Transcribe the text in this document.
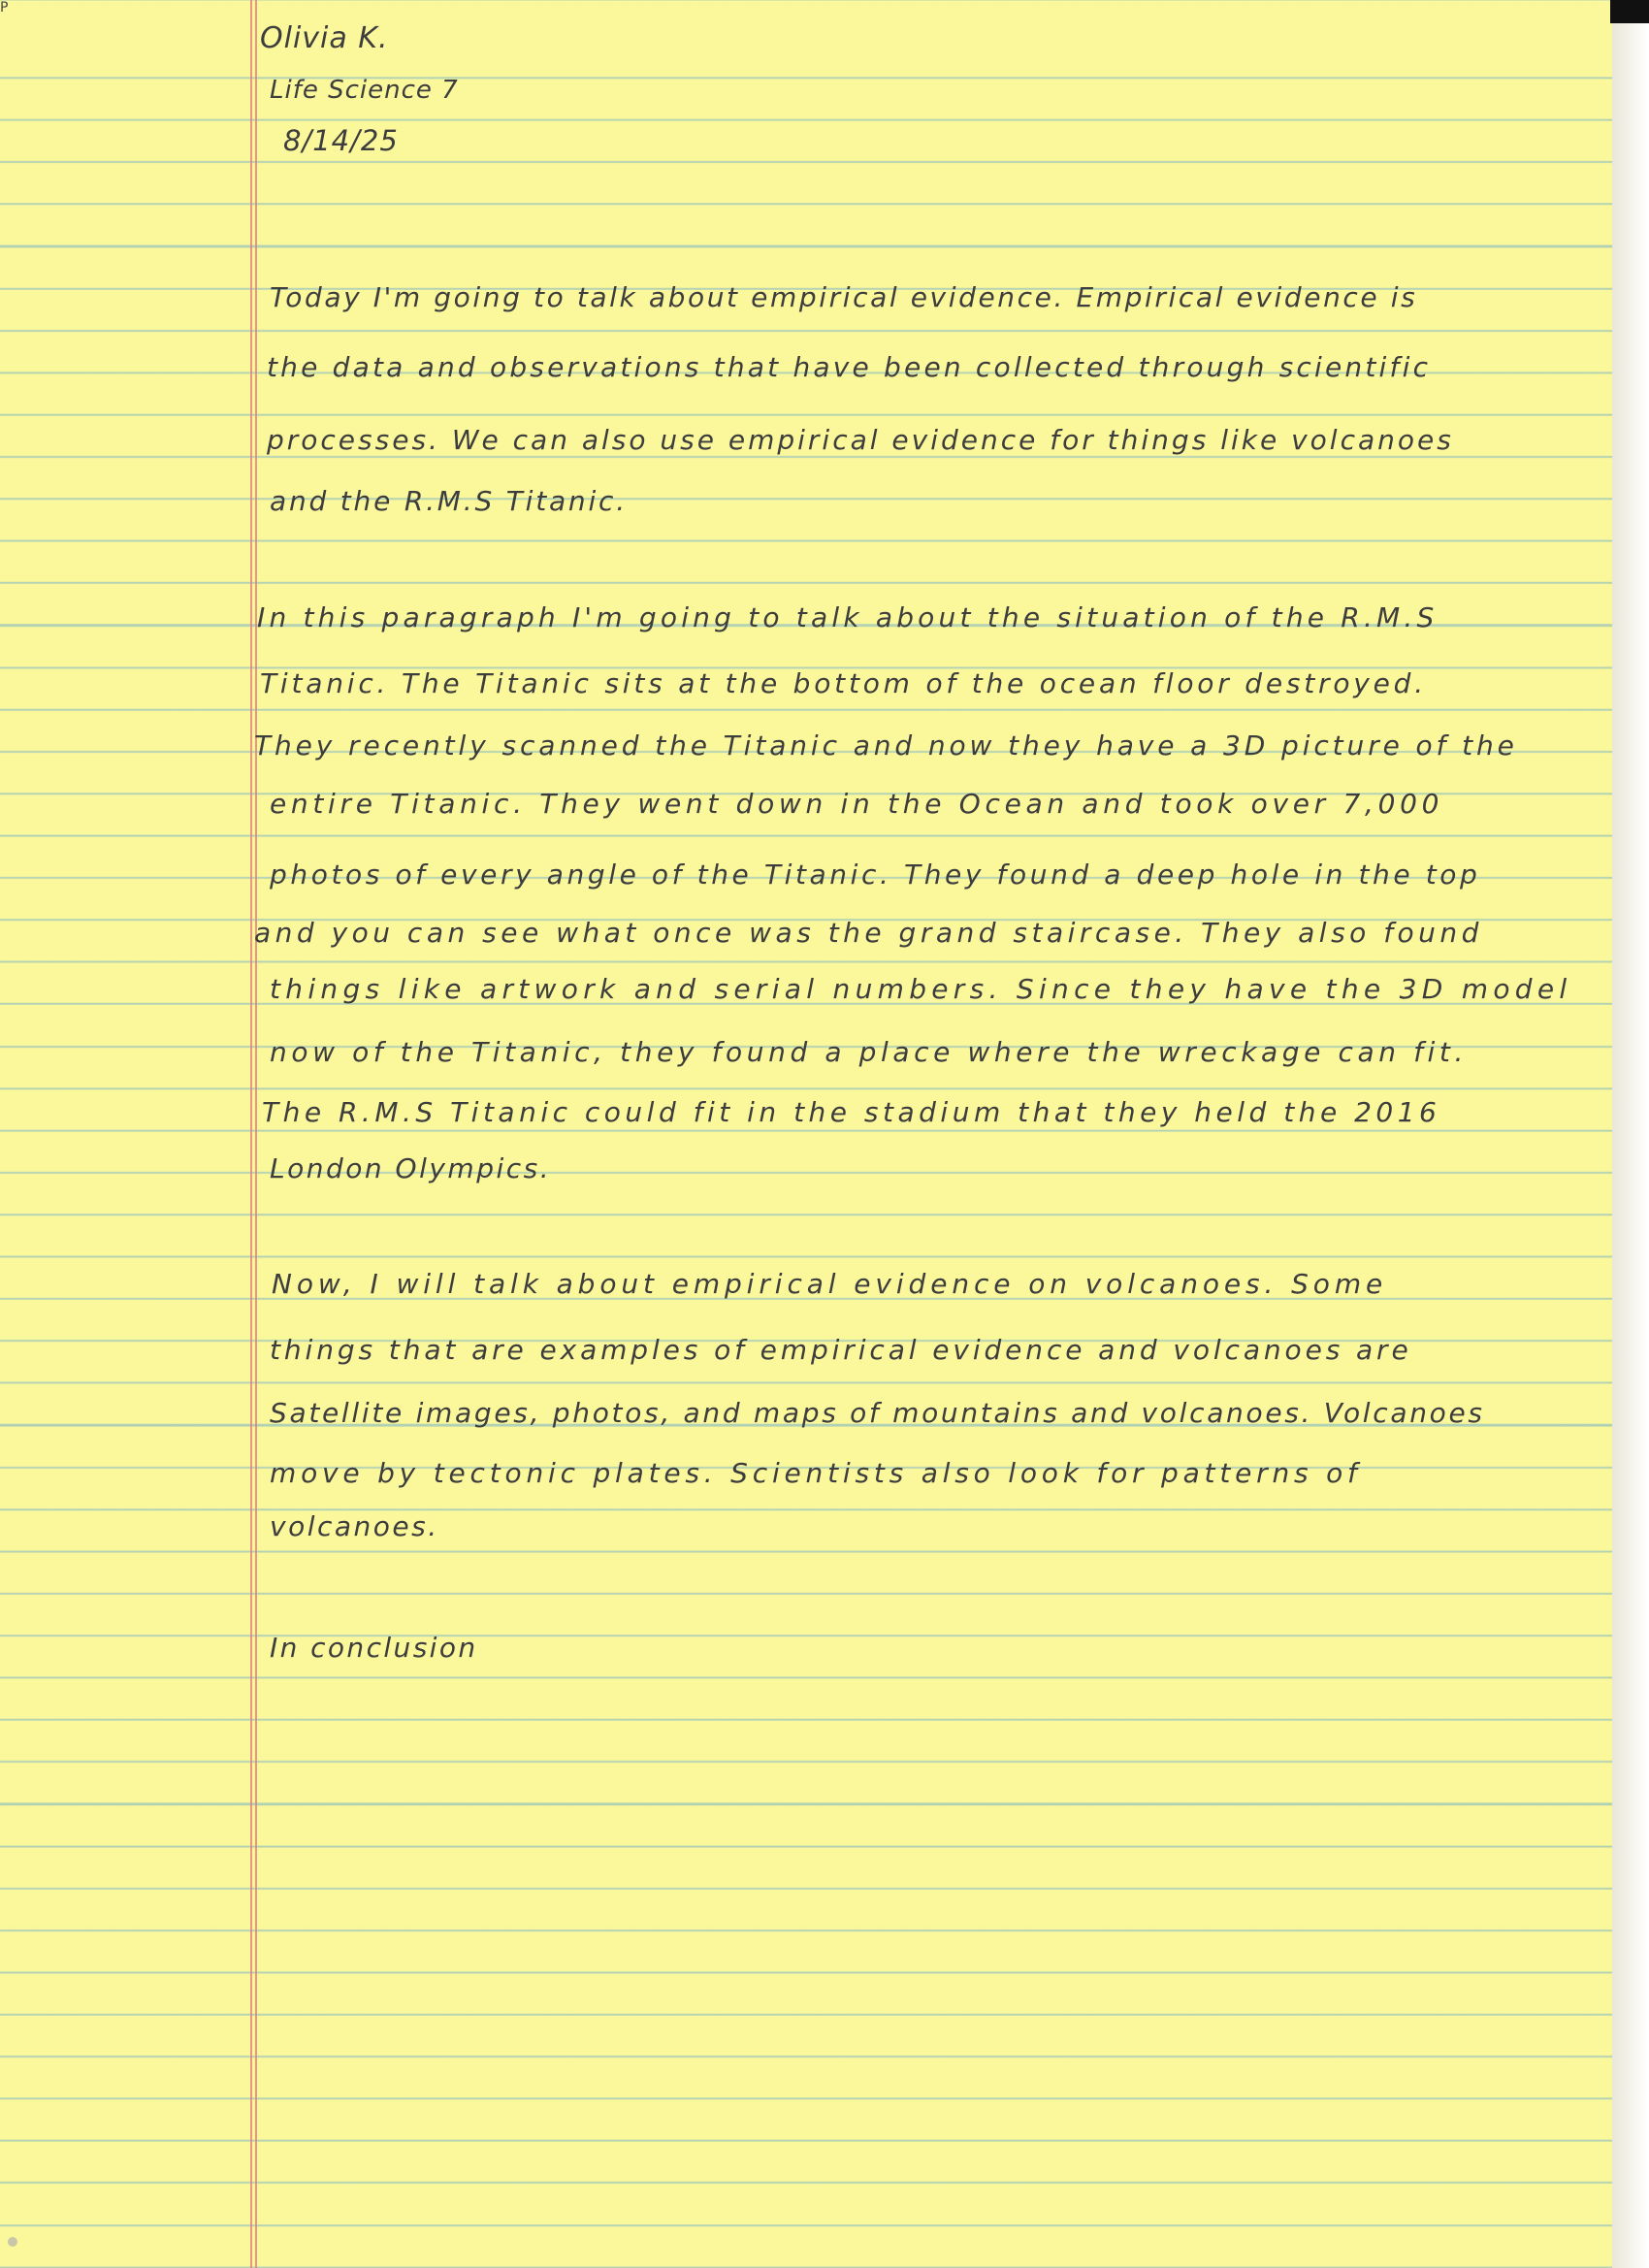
P

Olivia K.

Life Science 7

8/14/25

Today I'm going to talk about empirical evidence. Empirical evidence is

the data and observations that have been collected through scientific

processes. We can also use empirical evidence for things like volcanoes

and the R.M.S Titanic.

In this paragraph I'm going to talk about the situation of the R.M.S

Titanic. The Titanic sits at the bottom of the ocean floor destroyed.

They recently scanned the Titanic and now they have a 3D picture of the

entire Titanic. They went down in the Ocean and took over 7,000

photos of every angle of the Titanic. They found a deep hole in the top

and you can see what once was the grand staircase. They also found

things like artwork and serial numbers. Since they have the 3D model

now of the Titanic, they found a place where the wreckage can fit.

The R.M.S Titanic could fit in the stadium that they held the 2016

London Olympics.

Now, I will talk about empirical evidence on volcanoes. Some

things that are examples of empirical evidence and volcanoes are

Satellite images, photos, and maps of mountains and volcanoes. Volcanoes

move by tectonic plates. Scientists also look for patterns of

volcanoes.

In conclusion
